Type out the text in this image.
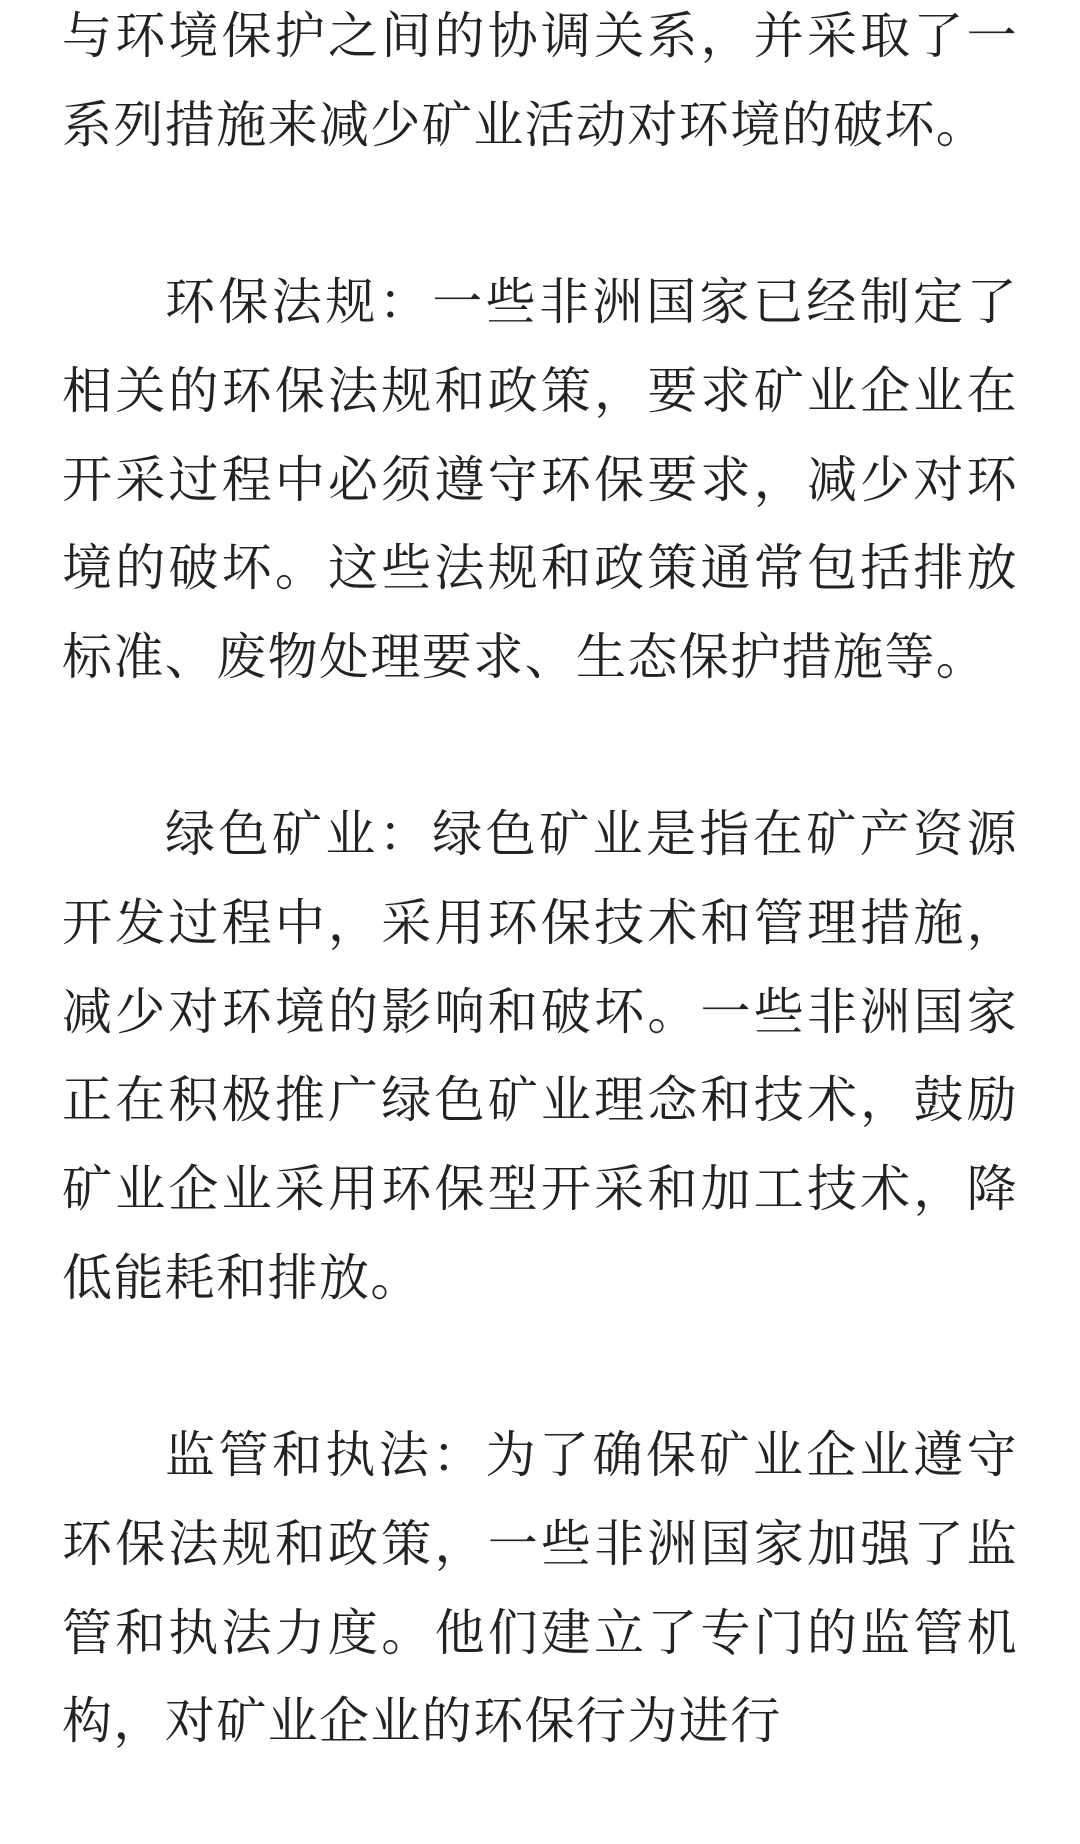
与环境保护之间的协调关系，并采取了一系列措施来减少矿业活动对环境的破坏。

环保法规：一些非洲国家已经制定了相关的环保法规和政策，要求矿业企业在开采过程中必须遵守环保要求，减少对环境的破坏。这些法规和政策通常包括排放标准、废物处理要求、生态保护措施等。

绿色矿业：绿色矿业是指在矿产资源开发过程中，采用环保技术和管理措施，减少对环境的影响和破坏。一些非洲国家正在积极推广绿色矿业理念和技术，鼓励矿业企业采用环保型开采和加工技术，降低能耗和排放。

监管和执法：为了确保矿业企业遵守环保法规和政策，一些非洲国家加强了监管和执法力度。他们建立了专门的监管机构，对矿业企业的环保行为进行
